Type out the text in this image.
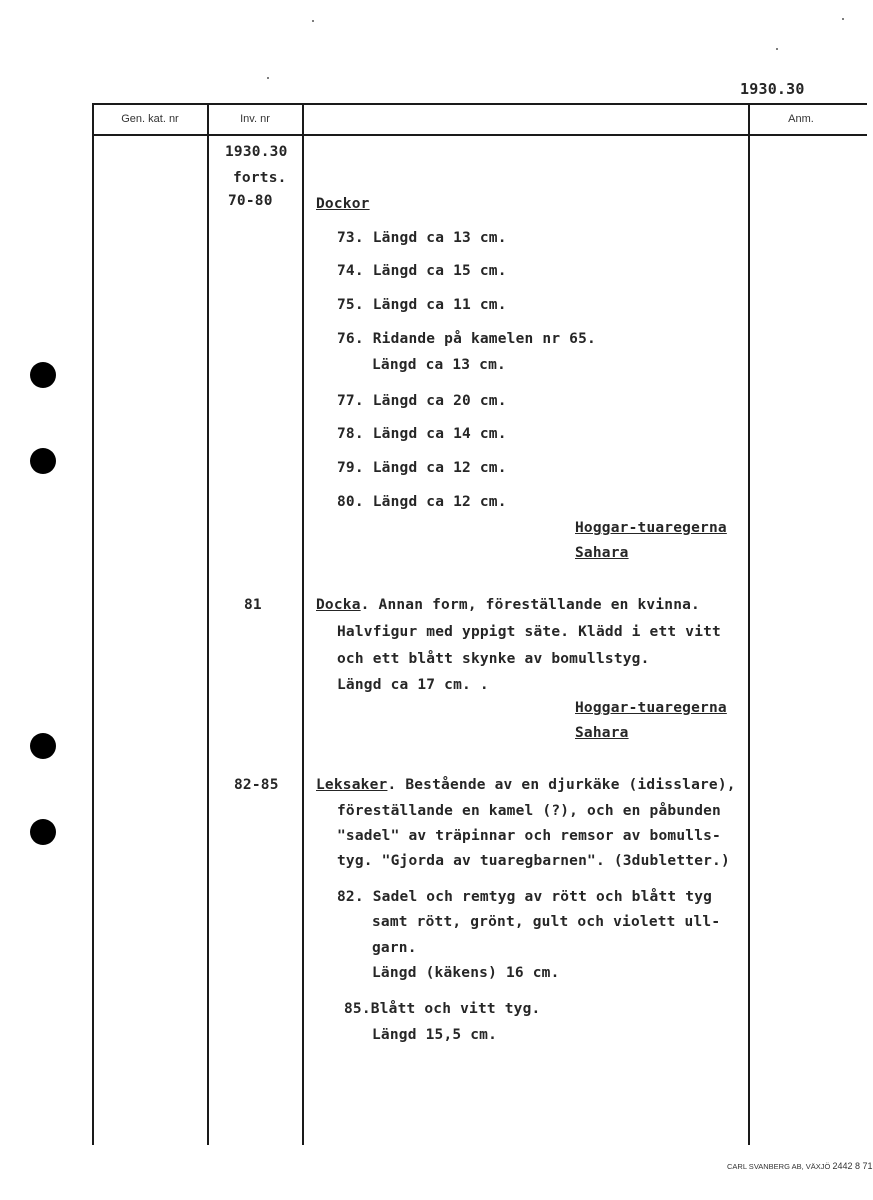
1930.30
Gen. kat. nr	Inv. nr	Anm.
1930.30
forts.
70-80
81
82-85
Dockor
73. Längd ca 13 cm.
74. Längd ca 15 cm.
75. Längd ca 11 cm.
76. Ridande på kamelen nr 65.
Längd ca 13 cm.
77. Längd ca 20 cm.
78. Längd ca 14 cm.
79. Längd ca 12 cm.
80. Längd ca 12 cm.
Hoggar-tuaregerna
Sahara
Docka. Annan form, föreställande en kvinna.
Halvfigur med yppigt säte. Klädd i ett vitt
och ett blått skynke av bomullstyg.
Längd ca 17 cm. .
Hoggar-tuaregerna
Sahara
Leksaker. Bestående av en djurkäke (idisslare),
föreställande en kamel (?), och en påbunden
"sadel" av träpinnar och remsor av bomulls-
tyg. "Gjorda av tuaregbarnen". (3dubletter.)
82. Sadel och remtyg av rött och blått tyg
samt rött, grönt, gult och violett ull-
garn.
Längd (käkens) 16 cm.
85.Blått och vitt tyg.
Längd 15,5 cm.
CARL SVANBERG AB, VÄXJÖ 2442 8 71
